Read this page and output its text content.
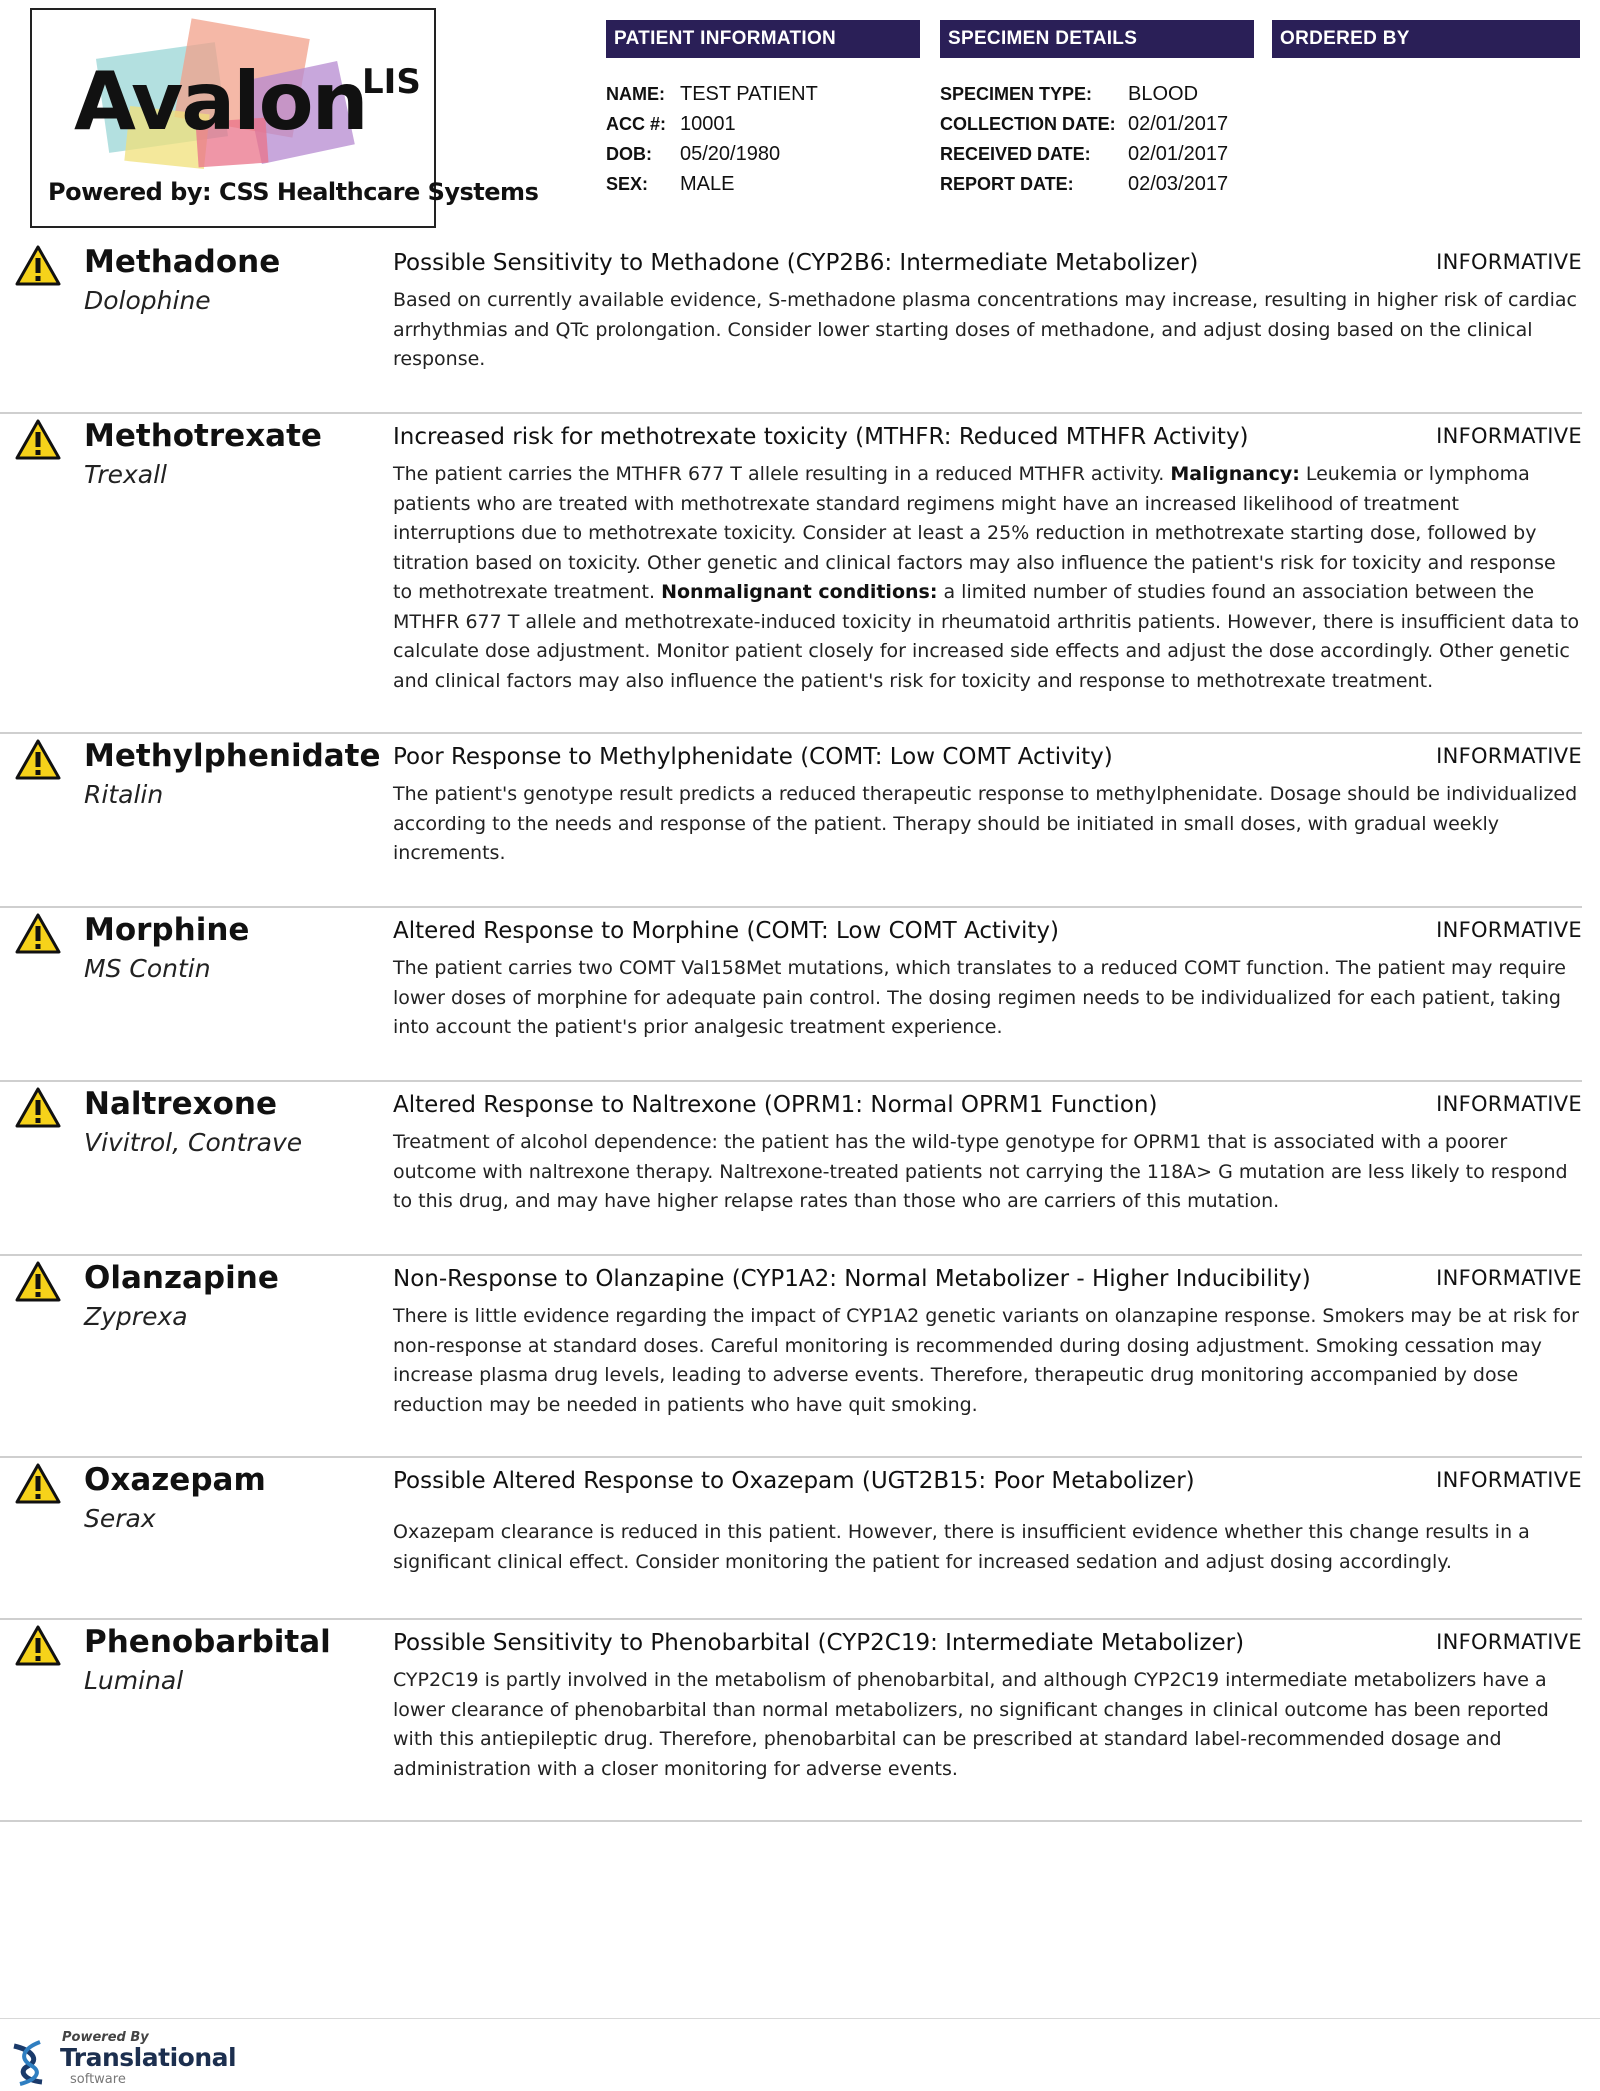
Avalon
LIS
Powered by: CSS Healthcare Systems
PATIENT INFORMATION	SPECIMEN DETAILS	ORDERED BY
NAME: TEST PATIENT
ACC #: 10001
DOB: 05/20/1980
SEX: MALE
SPECIMEN TYPE: BLOOD
COLLECTION DATE: 02/01/2017
RECEIVED DATE: 02/01/2017
REPORT DATE:	02/03/2017
Methadone
Dolophine
Possible Sensitivity to Methadone (CYP2B6: Intermediate Metabolizer)	INFORMATIVE
Based on currently available evidence, S-methadone plasma concentrations may increase, resulting in higher risk of cardiac arrhythmias and QTc prolongation. Consider lower starting doses of methadone, and adjust dosing based on the clinical response.
Methotrexate
Trexall
Increased risk for methotrexate toxicity (MTHFR: Reduced MTHFR Activity)	INFORMATIVE
The patient carries the MTHFR 677 T allele resulting in a reduced MTHFR activity. Malignancy: Leukemia or lymphoma patients who are treated with methotrexate standard regimens might have an increased likelihood of treatment interruptions due to methotrexate toxicity. Consider at least a 25% reduction in methotrexate starting dose, followed by titration based on toxicity. Other genetic and clinical factors may also influence the patient's risk for toxicity and response to methotrexate treatment. Nonmalignant conditions: a limited number of studies found an association between the MTHFR 677 T allele and methotrexate-induced toxicity in rheumatoid arthritis patients. However, there is insufficient data to calculate dose adjustment. Monitor patient closely for increased side effects and adjust the dose accordingly. Other genetic and clinical factors may also influence the patient's risk for toxicity and response to methotrexate treatment.
Methylphenidate
Ritalin
Poor Response to Methylphenidate (COMT: Low COMT Activity)	INFORMATIVE
The patient's genotype result predicts a reduced therapeutic response to methylphenidate. Dosage should be individualized according to the needs and response of the patient. Therapy should be initiated in small doses, with gradual weekly increments.
Morphine
MS Contin
Altered Response to Morphine (COMT: Low COMT Activity)	INFORMATIVE
The patient carries two COMT Val158Met mutations, which translates to a reduced COMT function. The patient may require lower doses of morphine for adequate pain control. The dosing regimen needs to be individualized for each patient, taking into account the patient's prior analgesic treatment experience.
Naltrexone
Vivitrol, Contrave
Altered Response to Naltrexone (OPRM1: Normal OPRM1 Function)	INFORMATIVE
Treatment of alcohol dependence: the patient has the wild-type genotype for OPRM1 that is associated with a poorer outcome with naltrexone therapy. Naltrexone-treated patients not carrying the 118A> G mutation are less likely to respond to this drug, and may have higher relapse rates than those who are carriers of this mutation.
Olanzapine
Zyprexa
Non-Response to Olanzapine (CYP1A2: Normal Metabolizer - Higher Inducibility)	INFORMATIVE
There is little evidence regarding the impact of CYP1A2 genetic variants on olanzapine response. Smokers may be at risk for non-response at standard doses. Careful monitoring is recommended during dosing adjustment. Smoking cessation may increase plasma drug levels, leading to adverse events. Therefore, therapeutic drug monitoring accompanied by dose reduction may be needed in patients who have quit smoking.
Oxazepam
Serax
Possible Altered Response to Oxazepam (UGT2B15: Poor Metabolizer)	INFORMATIVE
Oxazepam clearance is reduced in this patient. However, there is insufficient evidence whether this change results in a significant clinical effect. Consider monitoring the patient for increased sedation and adjust dosing accordingly.
Phenobarbital
Luminal
Possible Sensitivity to Phenobarbital (CYP2C19: Intermediate Metabolizer)	INFORMATIVE
CYP2C19 is partly involved in the metabolism of phenobarbital, and although CYP2C19 intermediate metabolizers have a lower clearance of phenobarbital than normal metabolizers, no significant changes in clinical outcome has been reported with this antiepileptic drug. Therefore, phenobarbital can be prescribed at standard label-recommended dosage and administration with a closer monitoring for adverse events.
Powered By
Translational
software
